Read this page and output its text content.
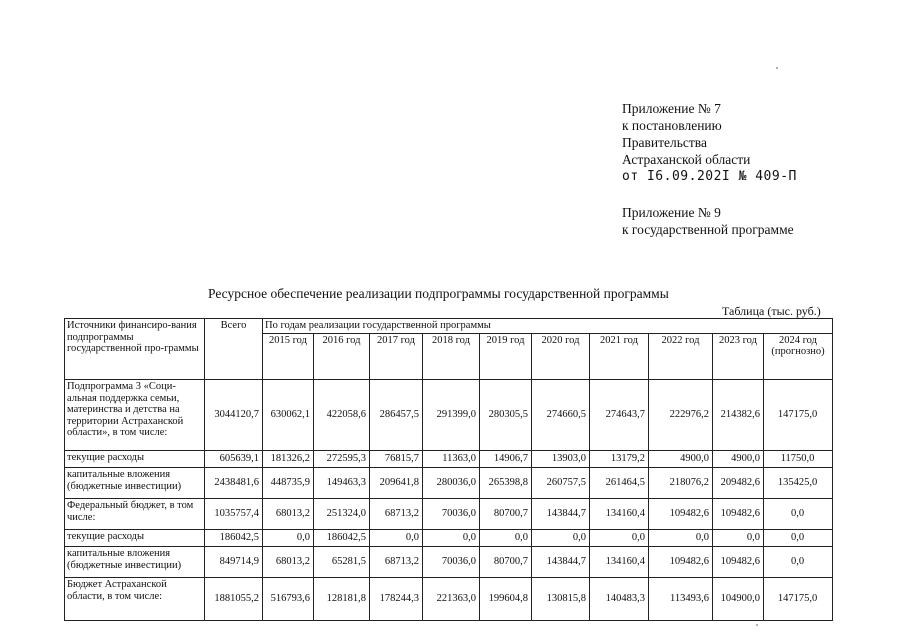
Приложение № 7
к постановлению
Правительства
Астраханской области
от I6.09.202I № 409-П
Приложение № 9
к государственной программе
Ресурсное обеспечение реализации подпрограммы государственной программы
Таблица (тыс. руб.)
Источники финансиро-вания подпрограммы государственной про-граммы	Всего	По годам реализации государственной программы									
		2015 год	2016 год	2017 год	2018 год	2019 год	2020 год	2021 год	2022 год	2023 год	2024 год (прогнозно)
Подпрограмма 3 «Соци-альная поддержка семьи, материнства и детства на территории Астраханской области», в том числе:	3044120,7	630062,1	422058,6	286457,5	291399,0	280305,5	274660,5	274643,7	222976,2	214382,6	147175,0
текущие расходы	605639,1	181326,2	272595,3	76815,7	11363,0	14906,7	13903,0	13179,2	4900,0	4900,0	11750,0
капитальные вложения (бюджетные инвестиции)	2438481,6	448735,9	149463,3	209641,8	280036,0	265398,8	260757,5	261464,5	218076,2	209482,6	135425,0
Федеральный бюджет, в том числе:	1035757,4	68013,2	251324,0	68713,2	70036,0	80700,7	143844,7	134160,4	109482,6	109482,6	0,0
текущие расходы	186042,5	0,0	186042,5	0,0	0,0	0,0	0,0	0,0	0,0	0,0	0,0
капитальные вложения (бюджетные инвестиции)	849714,9	68013,2	65281,5	68713,2	70036,0	80700,7	143844,7	134160,4	109482,6	109482,6	0,0
Бюджет Астраханской области, в том числе:	1881055,2	516793,6	128181,8	178244,3	221363,0	199604,8	130815,8	140483,3	113493,6	104900,0	147175,0
